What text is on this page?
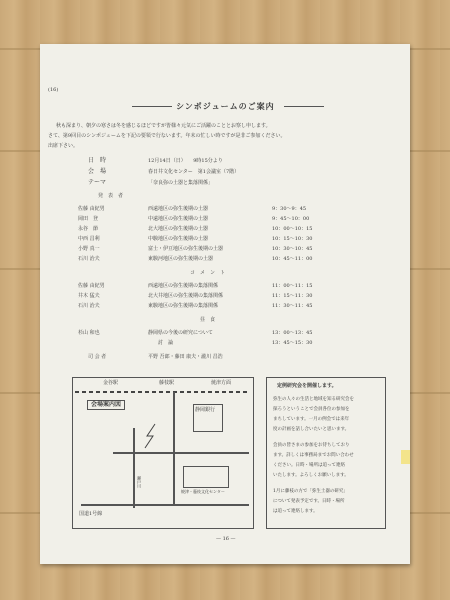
(16)
シンポジュームのご案内
秋も深まり、朝夕の寒さは冬を感じるほどですが皆様々元気にご活躍のこととお察し申します。
さて、第9回目のシンポジュームを下記の要領で行ないます。年末の忙しい時ですが是非ご参加ください。
出席下さい。
日　時	12月14日（日）　　9時15分より
会　場	春日井文化センター　第1会議室（7階）
テーマ	「奈良弥の土器と集落関係」
発　表　者
佐藤 由紀男	西遠地区の弥生後期の土器	9：30〜9：45
岡田　登	中遠地区の弥生後期の土器	9：45〜10：00
永谷　節	北大地区の弥生後期の土器	10：00〜10：15
中西 昌利	中駿地区の弥生後期の土器	10：15〜10：30
小野 真一	富士・伊豆地区の弥生後期の土器	10：30〜10：45
石川 治夫	東駿河地区の弥生後期の土器	10：45〜11：00
コ　メ　ン　ト
佐藤 由紀男	西遠地区の弥生後期の集落関係	11：00〜11：15
井木 猛夫	北大井地区の弥生後期の集落関係	11：15〜11：30
石川 治夫	東駿地区の弥生後期の集落関係	11：30〜11：45
昼　食
杉山 和也	静岡県の今後の研究について	13：00〜13：45
討　論	13：45〜15：30
司 会 者	平野 吾郎・藤田 康夫・瀧川 昌浩
金谷駅	藤枝駅	焼津方面
会場案内図
静岡銀行
焼津・藤枝文化センター
瀬戸川
国道1号線
定例研究会を開催します。
弥生の人々の生活と地域を知る研究会を
探ろうということで会員各位の参加を
まちしています。一月の例会では来年
度の計画を話し合いたいと思います。
会員の皆さまの参加をお待ちしており
ます。詳しくは事務局までお問い合わせ
ください。日時・場所は追って連絡
いたします。よろしくお願いします。
1月に藤枝の方で「弥生土器の研究」
について発表予定です。日時・場所
は追って連絡します。
— 16 —
